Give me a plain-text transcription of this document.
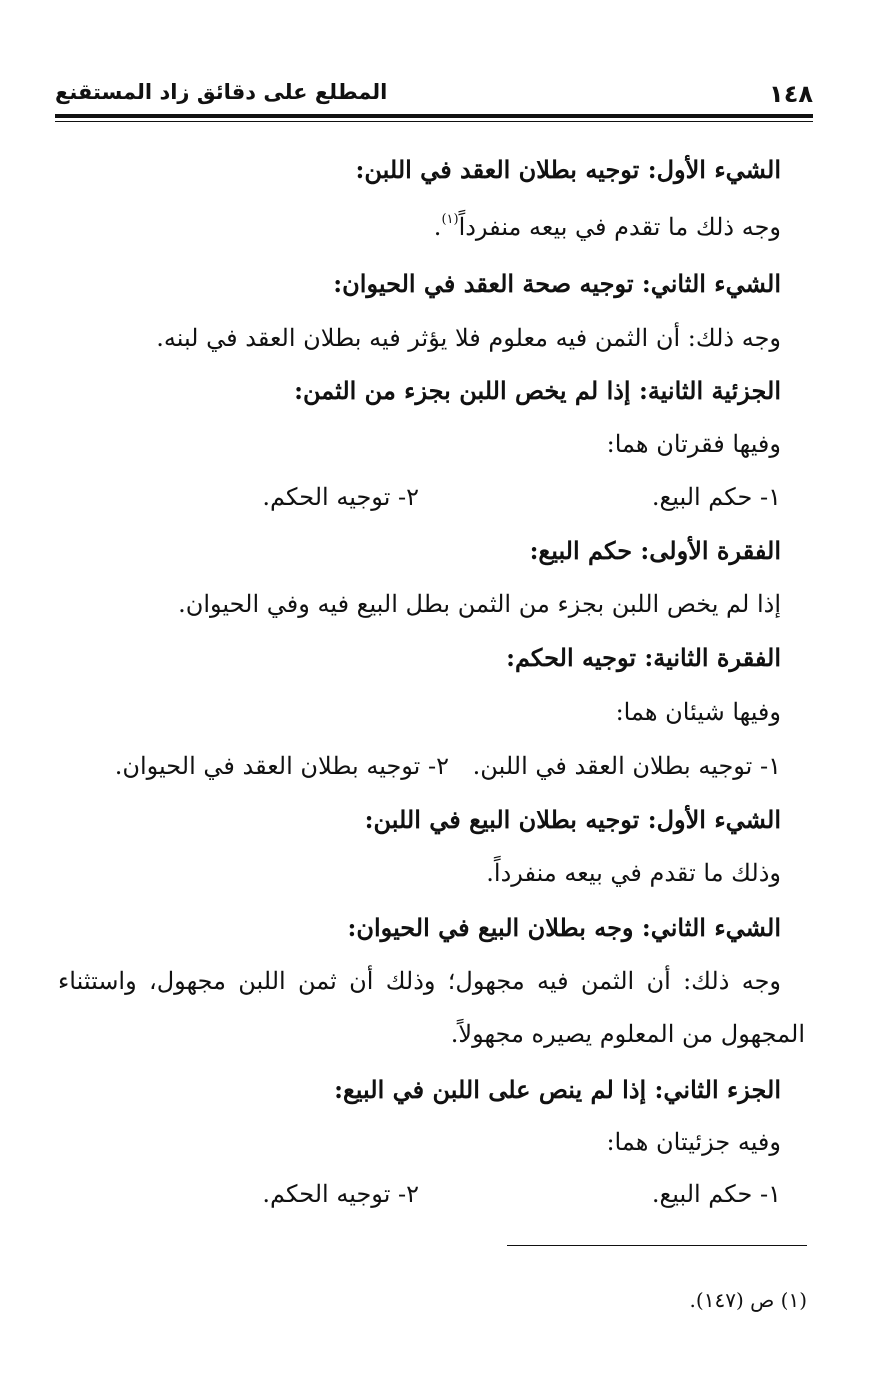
١٤٨
المطلع على دقائق زاد المستقنع
الشيء الأول: توجيه بطلان العقد في اللبن:
وجه ذلك ما تقدم في بيعه منفرداً$^{(١)}$.
الشيء الثاني: توجيه صحة العقد في الحيوان:
وجه ذلك: أن الثمن فيه معلوم فلا يؤثر فيه بطلان العقد في لبنه.
الجزئية الثانية: إذا لم يخص اللبن بجزء من الثمن:
وفيها فقرتان هما:
١- حكم البيع.
٢- توجيه الحكم.
الفقرة الأولى: حكم البيع:
إذا لم يخص اللبن بجزء من الثمن بطل البيع فيه وفي الحيوان.
الفقرة الثانية: توجيه الحكم:
وفيها شيئان هما:
١- توجيه بطلان العقد في اللبن.
٢- توجيه بطلان العقد في الحيوان.
الشيء الأول: توجيه بطلان البيع في اللبن:
وذلك ما تقدم في بيعه منفرداً.
الشيء الثاني: وجه بطلان البيع في الحيوان:
وجه ذلك: أن الثمن فيه مجهول؛ وذلك أن ثمن اللبن مجهول، واستثناء
المجهول من المعلوم يصيره مجهولاً.
الجزء الثاني: إذا لم ينص على اللبن في البيع:
وفيه جزئيتان هما:
١- حكم البيع.
٢- توجيه الحكم.
(١) ص (١٤٧).
